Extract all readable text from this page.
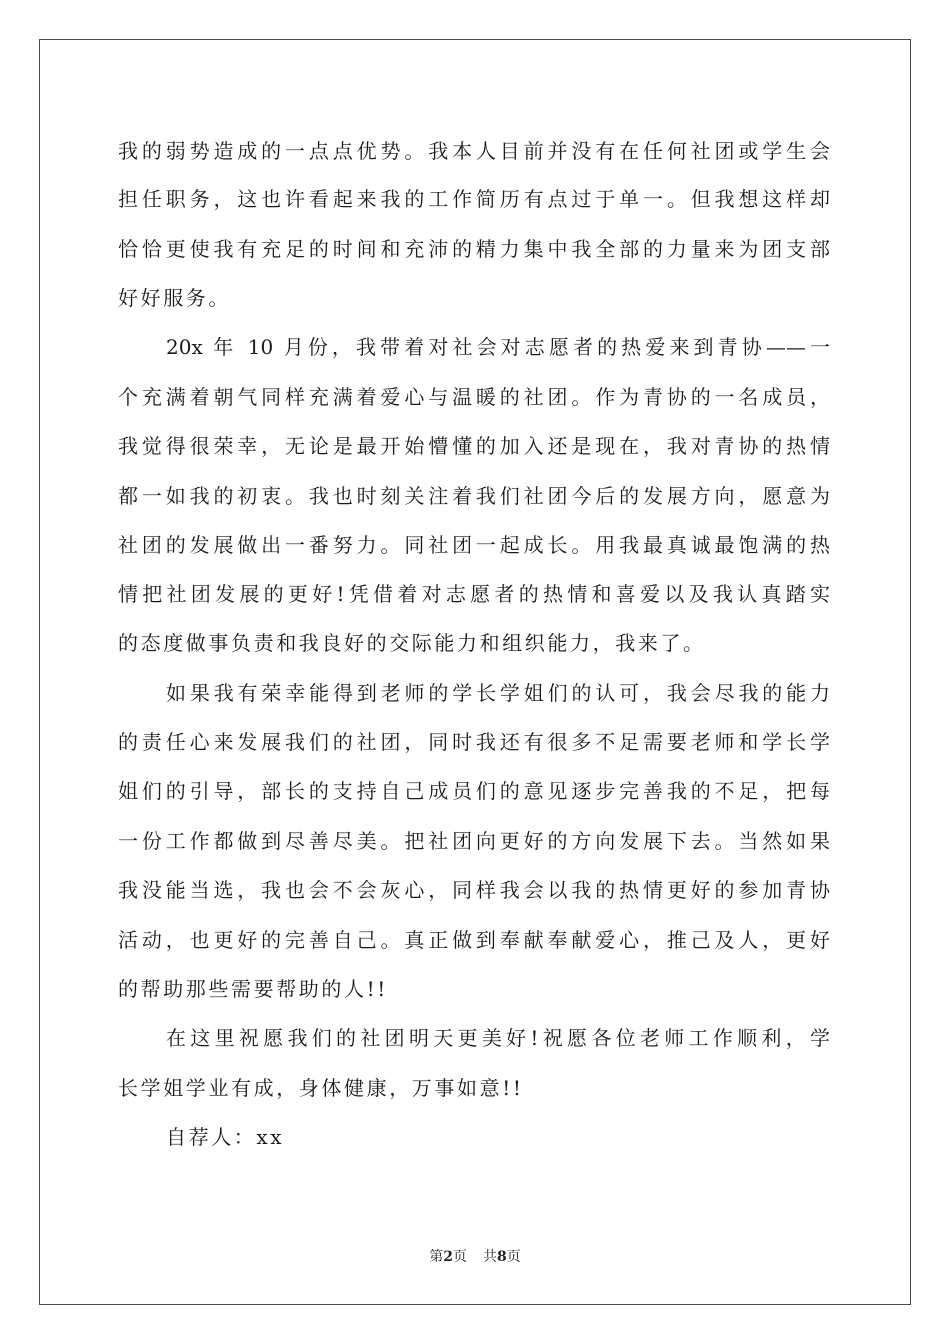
我的弱势造成的一点点优势。我本人目前并没有在任何社团或学生会
担任职务，这也许看起来我的工作简历有点过于单一。但我想这样却
恰恰更使我有充足的时间和充沛的精力集中我全部的力量来为团支部
好好服务。
20x 年 10 月份，我带着对社会对志愿者的热爱来到青协——一
个充满着朝气同样充满着爱心与温暖的社团。作为青协的一名成员，
我觉得很荣幸，无论是最开始懵懂的加入还是现在，我对青协的热情
都一如我的初衷。我也时刻关注着我们社团今后的发展方向，愿意为
社团的发展做出一番努力。同社团一起成长。用我最真诚最饱满的热
情把社团发展的更好!凭借着对志愿者的热情和喜爱以及我认真踏实
的态度做事负责和我良好的交际能力和组织能力，我来了。
如果我有荣幸能得到老师的学长学姐们的认可，我会尽我的能力
的责任心来发展我们的社团，同时我还有很多不足需要老师和学长学
姐们的引导，部长的支持自己成员们的意见逐步完善我的不足，把每
一份工作都做到尽善尽美。把社团向更好的方向发展下去。当然如果
我没能当选，我也会不会灰心，同样我会以我的热情更好的参加青协
活动，也更好的完善自己。真正做到奉献奉献爱心，推己及人，更好
的帮助那些需要帮助的人!!
在这里祝愿我们的社团明天更美好!祝愿各位老师工作顺利，学
长学姐学业有成，身体健康，万事如意!!
自荐人：xx
第2页 共8页
